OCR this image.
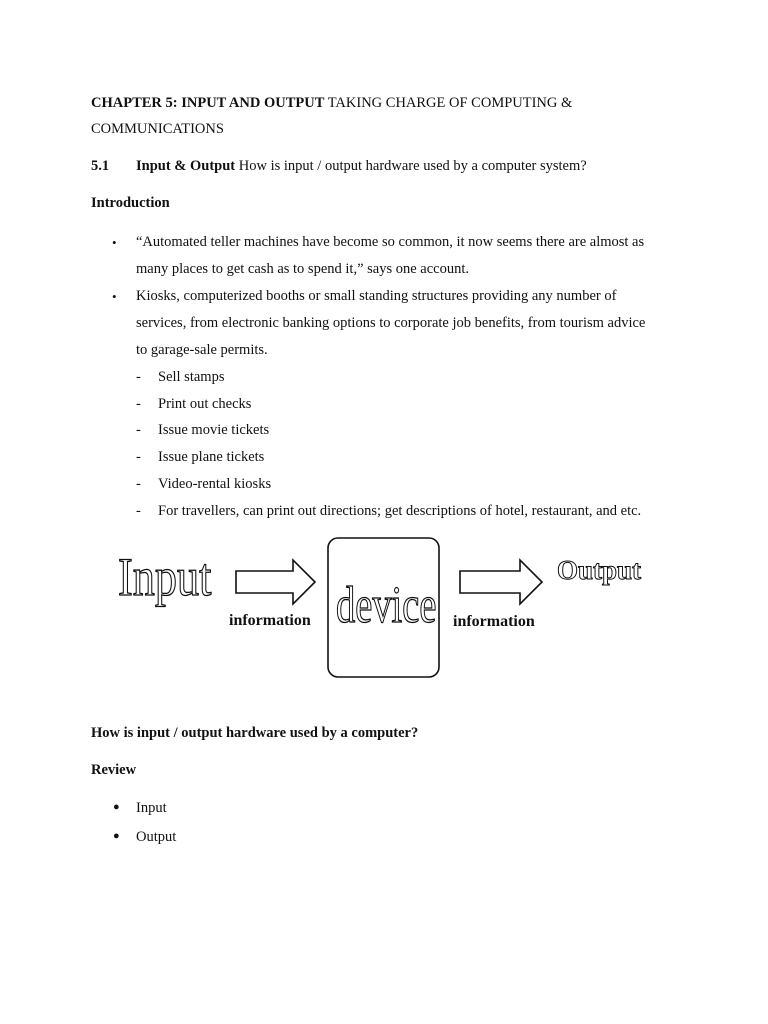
CHAPTER 5: INPUT AND OUTPUT TAKING CHARGE OF COMPUTING &
COMMUNICATIONS
5.1 Input & Output How is input / output hardware used by a computer system?
Introduction
• “Automated teller machines have become so common, it now seems there are almost as
many places to get cash as to spend it,” says one account.
• Kiosks, computerized booths or small standing structures providing any number of
services, from electronic banking options to corporate job benefits, from tourism advice
to garage-sale permits.
- Sell stamps
- Print out checks
- Issue movie tickets
- Issue plane tickets
- Video-rental kiosks
- For travellers, can print out directions; get descriptions of hotel, restaurant, and etc.
Input device
Output
information	information
How is input / output hardware used by a computer?
Review
● Input
● Output
